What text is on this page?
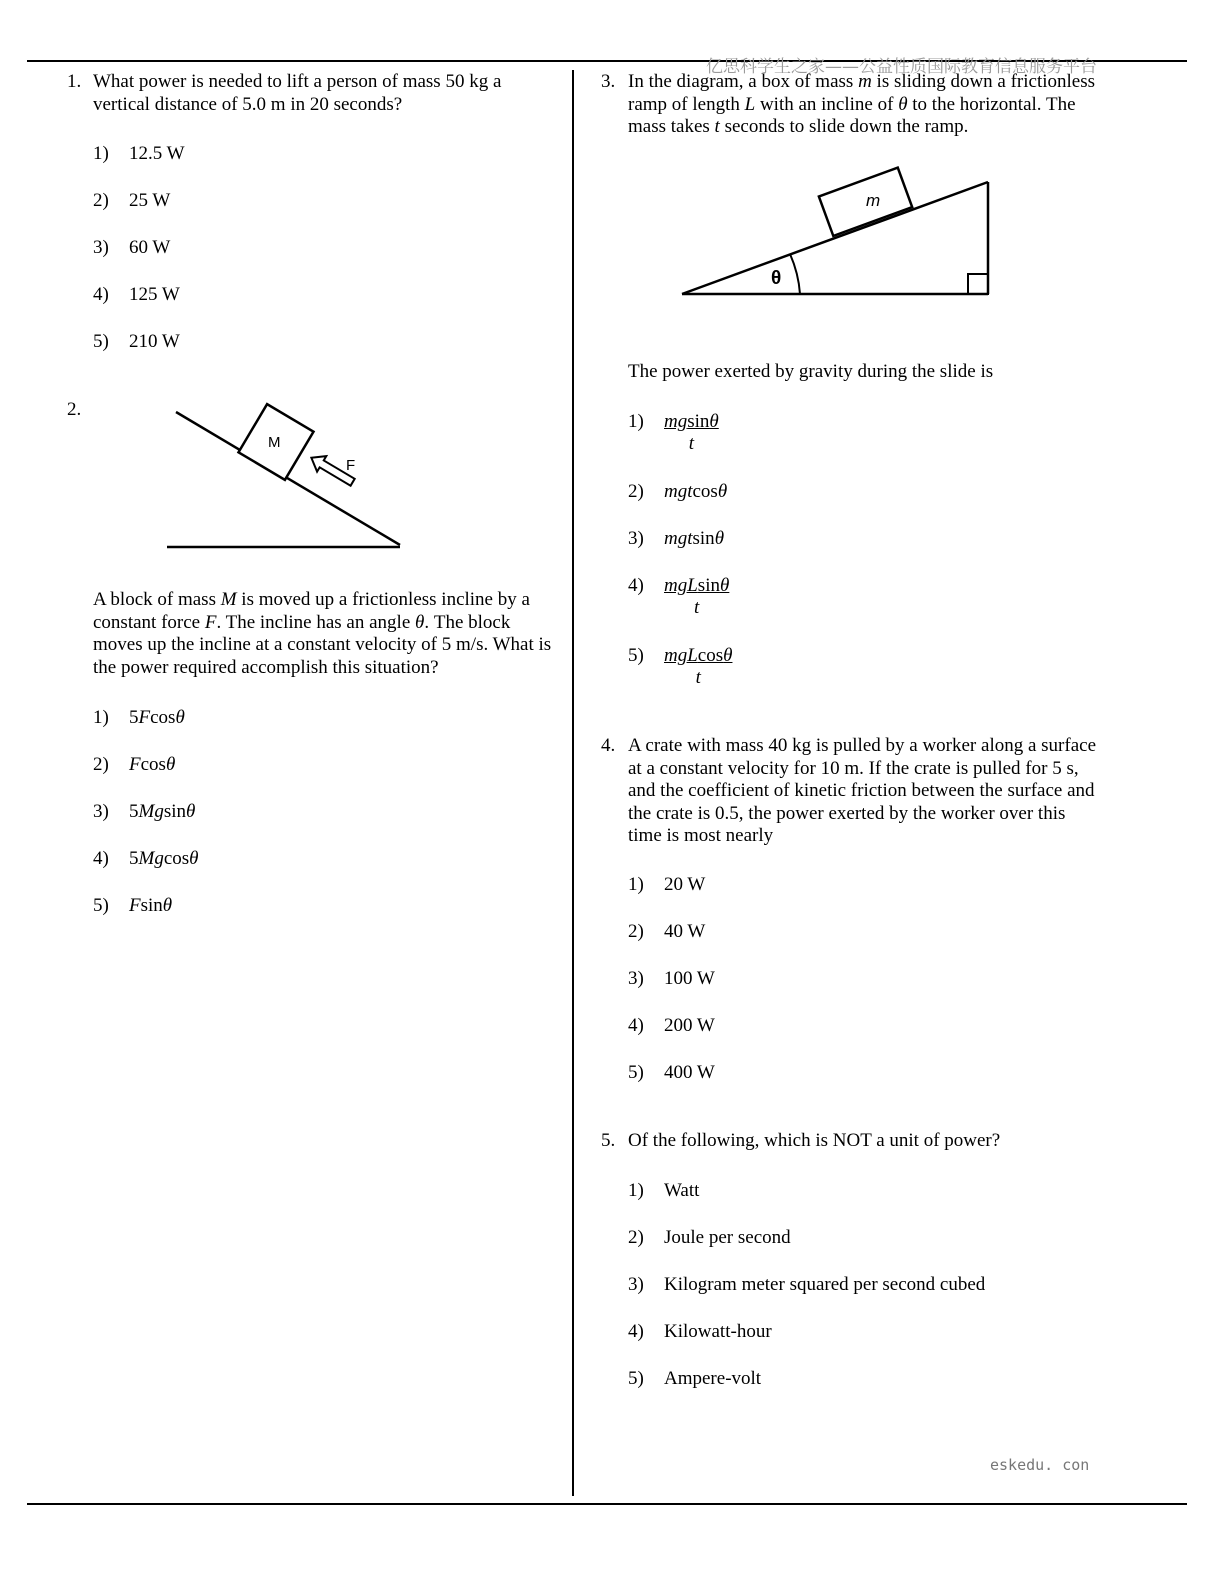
亿思科学生之家——公益性质国际教育信息服务平台
1. What power is needed to lift a person of mass 50 kg a vertical distance of 5.0 m in 20 seconds?
1) 12.5 W
2) 25 W
3) 60 W
4) 125 W
5) 210 W
2.
M
F
A block of mass M is moved up a frictionless incline by a constant force F. The incline has an angle θ. The block moves up the incline at a constant velocity of 5 m/s. What is the power required accomplish this situation?
1) 5Fcosθ
2) Fcosθ
3) 5Mgsinθ
4) 5Mgcosθ
5) Fsinθ
3. In the diagram, a box of mass m is sliding down a frictionless ramp of length L with an incline of θ to the horizontal. The mass takes t seconds to slide down the ramp.
m
θ
The power exerted by gravity during the slide is
$1) \frac{mgsin\theta}{t}$
2) mgtcosθ
3) mgtsinθ
$4) \frac{\text{mgLsinθ}}{t}$
$5) \frac{\text{mgLcosθ}}{t}$
4. A crate with mass 40 kg is pulled by a worker along a surface at a constant velocity for 10 m. If the crate is pulled for 5 s, and the coefficient of kinetic friction between the surface and the crate is 0.5, the power exerted by the worker over this time is most nearly
1) 20 W
2) 40 W
3) 100 W
4) 200 W
5) 400 W
5. Of the following, which is NOT a unit of power?
1) Watt
2) Joule per second
3) Kilogram meter squared per second cubed
4) Kilowatt-hour
5) Ampere-volt
eskedu. con
